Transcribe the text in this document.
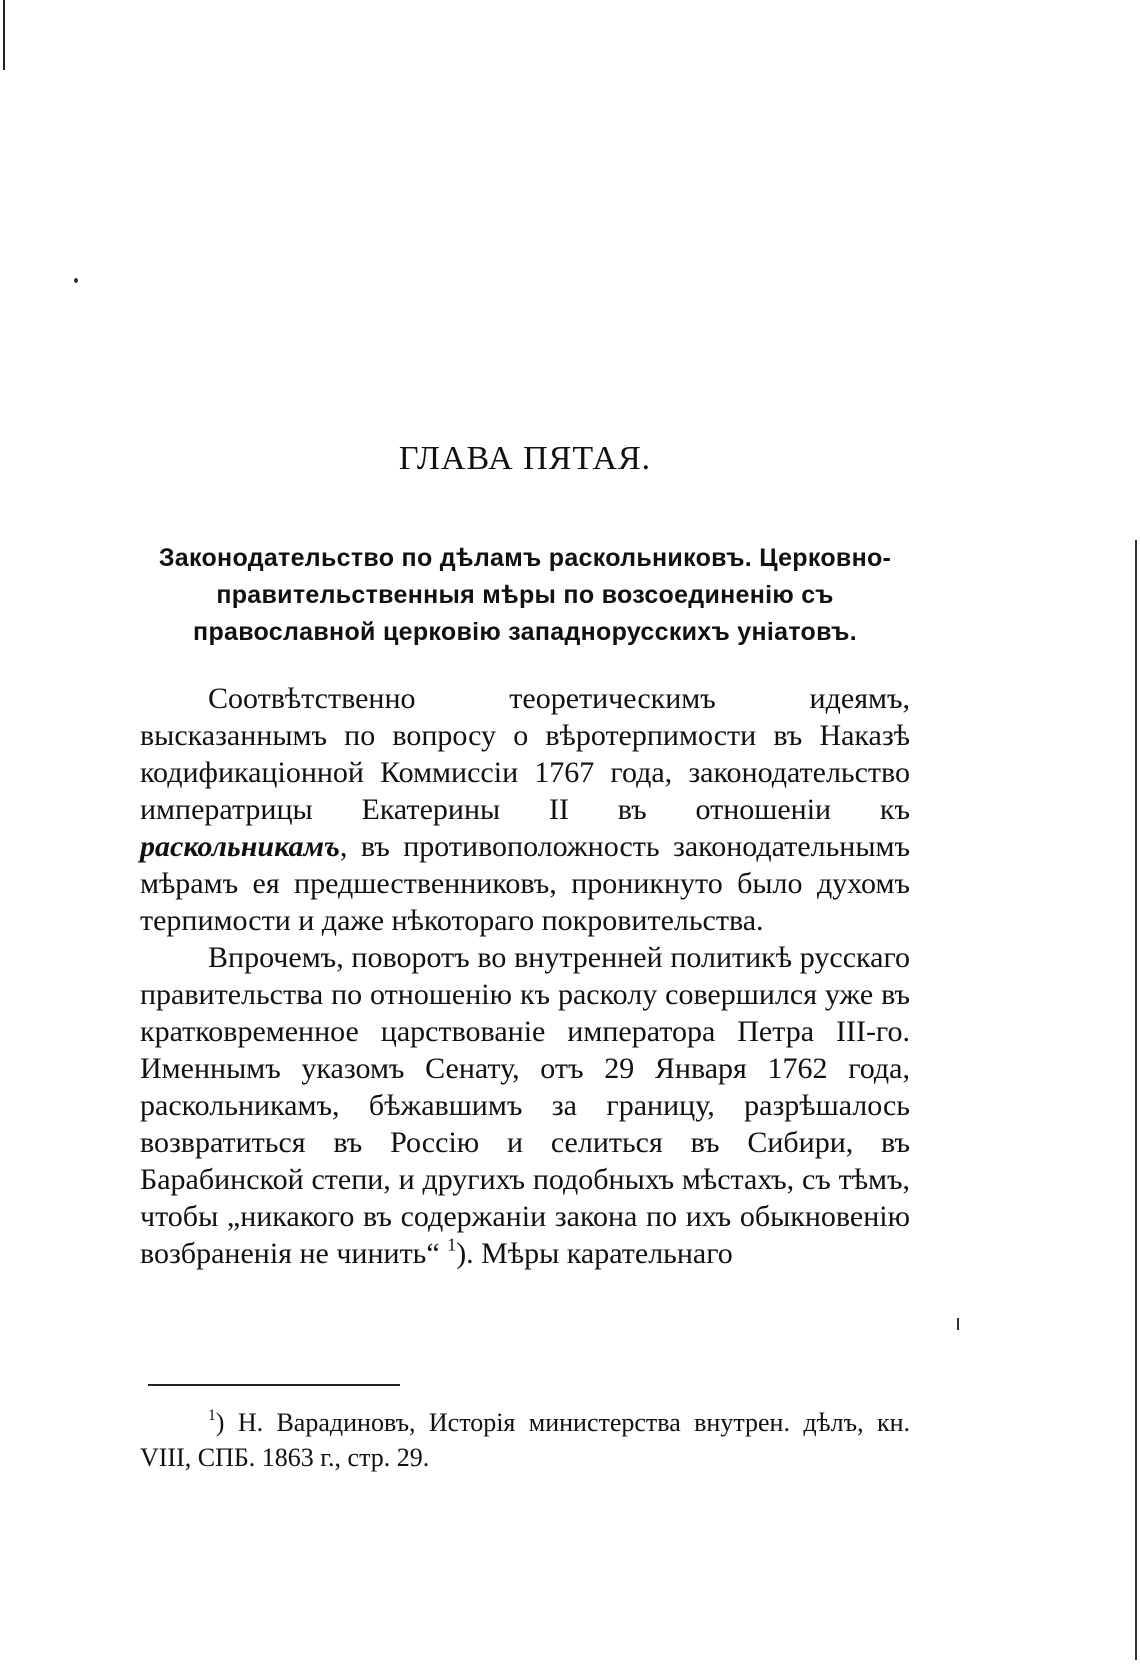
ГЛАВА ПЯТАЯ.
Законодательство по дѣламъ раскольниковъ. Церковно-правительственныя мѣры по возсоединенію съ православной церковію западнорусскихъ уніатовъ.

Соотвѣтственно теоретическимъ идеямъ, высказаннымъ по вопросу о вѣротерпимости въ Наказѣ кодификаціонной Коммиссіи 1767 года, законодательство императрицы Екатерины II въ отношеніи къ раскольникамъ, въ противоположность законодательнымъ мѣрамъ ея предшественниковъ, проникнуто было духомъ терпимости и даже нѣкотораго покровительства.

Впрочемъ, поворотъ во внутренней политикѣ русскаго правительства по отношенію къ расколу совершился уже въ кратковременное царствованіе императора Петра III-го. Именнымъ указомъ Сенату, отъ 29 Января 1762 года, раскольникамъ, бѣжавшимъ за границу, разрѣшалось возвратиться въ Россію и селиться въ Сибири, въ Барабинской степи, и другихъ подобныхъ мѣстахъ, съ тѣмъ, чтобы „никакого въ содержаніи закона по ихъ обыкновенію возбраненія не чинить“ $^1$). Мѣры карательнаго

$^1$) Н. Варадиновъ, Исторія министерства внутрен. дѣлъ, кн. VIII, СПБ. 1863 г., стр. 29.
